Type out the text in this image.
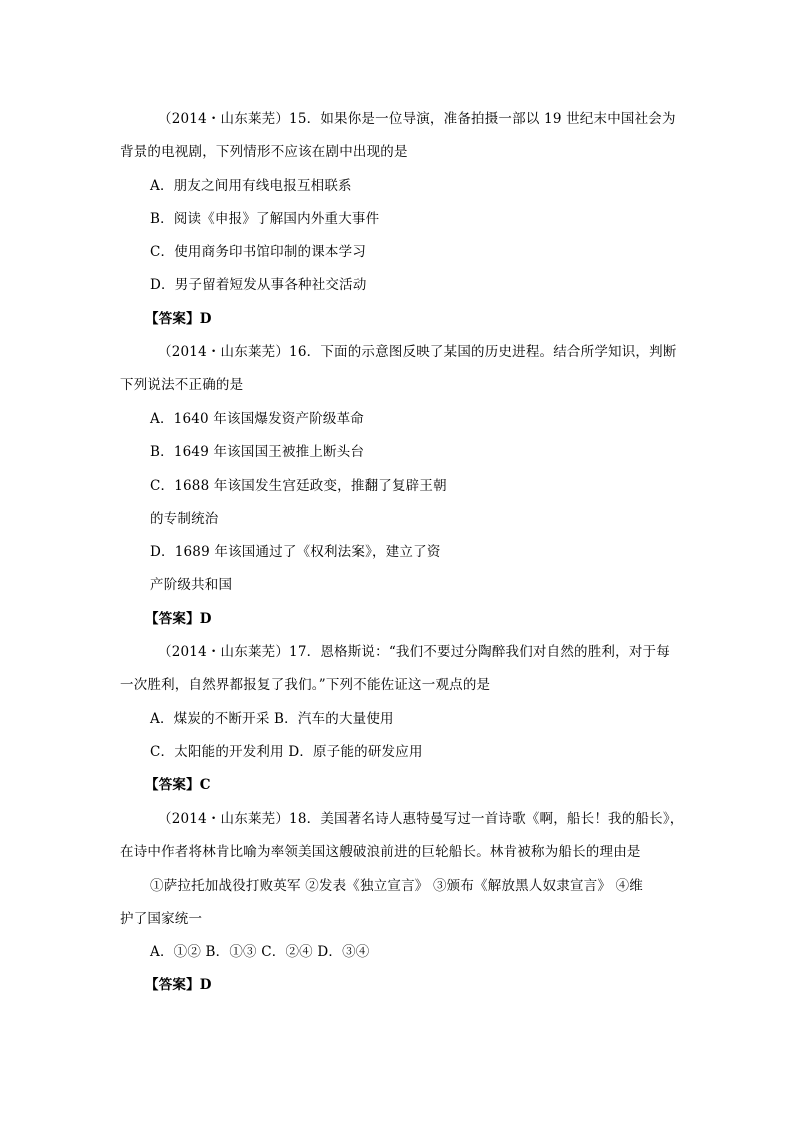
（2014・山东莱芜）15．如果你是一位导演，准备拍摄一部以 19 世纪末中国社会为
背景的电视剧，下列情形不应该在剧中出现的是
A．朋友之间用有线电报互相联系
B．阅读《申报》了解国内外重大事件
C．使用商务印书馆印制的课本学习
D．男子留着短发从事各种社交活动
【答案】D
（2014・山东莱芜）16．下面的示意图反映了某国的历史进程。结合所学知识，判断
下列说法不正确的是
A．1640 年该国爆发资产阶级革命
B．1649 年该国国王被推上断头台
C．1688 年该国发生宫廷政变，推翻了复辟王朝
的专制统治
D．1689 年该国通过了《权利法案》，建立了资
产阶级共和国
【答案】D
（2014・山东莱芜）17．恩格斯说：“我们不要过分陶醉我们对自然的胜利，对于每
一次胜利，自然界都报复了我们。”下列不能佐证这一观点的是
A．煤炭的不断开采 B．汽车的大量使用
C．太阳能的开发利用 D．原子能的研发应用
【答案】C
（2014・山东莱芜）18．美国著名诗人惠特曼写过一首诗歌《啊，船长！我的船长》，
在诗中作者将林肯比喻为率领美国这艘破浪前进的巨轮船长。林肯被称为船长的理由是
①萨拉托加战役打败英军 ②发表《独立宣言》 ③颁布《解放黑人奴隶宣言》 ④维
护了国家统一
A．①② B．①③ C．②④ D．③④
【答案】D
